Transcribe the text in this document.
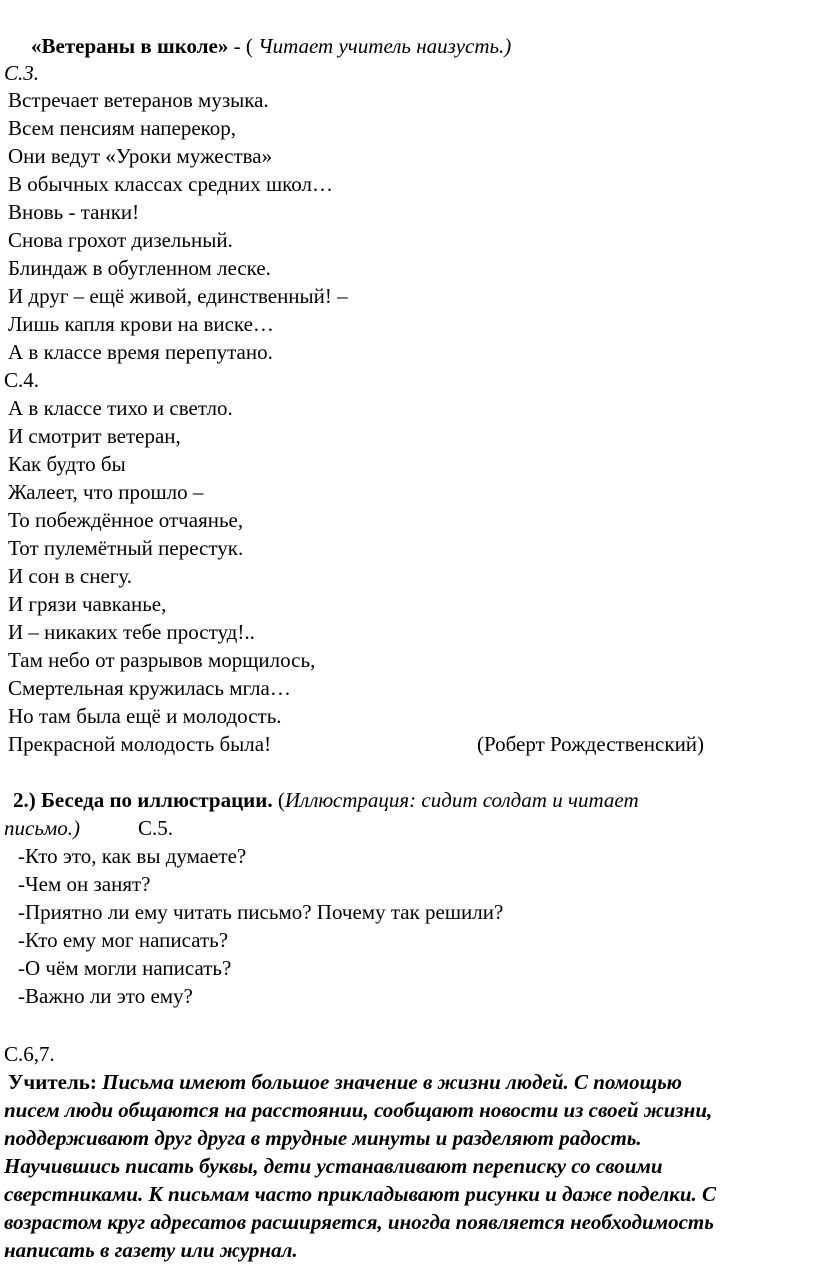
«Ветераны в школе» - ( Читает учитель наизусть.)
С.3.
Встречает ветеранов музыка.
Всем пенсиям наперекор,
Они ведут «Уроки мужества»
В обычных классах средних школ…
Вновь - танки!
Снова грохот дизельный.
Блиндаж в обугленном леске.
И друг – ещё живой, единственный! –
Лишь капля крови на виске…
А в классе время перепутано.
С.4.
А в классе тихо и светло.
И смотрит ветеран,
Как будто бы
Жалеет, что прошло –
То побеждённое отчаянье,
Тот пулемётный перестук.
И сон в снегу.
И грязи чавканье,
И – никаких тебе простуд!..
Там небо от разрывов морщилось,
Смертельная кружилась мгла…
Но там была ещё и молодость.
Прекрасной молодость была!	(Роберт Рождественский)
2.) Беседа по иллюстрации. (Иллюстрация: сидит солдат и читает
письмо.)	С.5.
-Кто это, как вы думаете?
-Чем он занят?
-Приятно ли ему читать письмо? Почему так решили?
-Кто ему мог написать?
-О чём могли написать?
-Важно ли это ему?
С.6,7.
Учитель: Письма имеют большое значение в жизни людей. С помощью
писем люди общаются на расстоянии, сообщают новости из своей жизни,
поддерживают друг друга в трудные минуты и разделяют радость.
Научившись писать буквы, дети устанавливают переписку со своими
сверстниками. К письмам часто прикладывают рисунки и даже поделки. С
возрастом круг адресатов расширяется, иногда появляется необходимость
написать в газету или журнал.
